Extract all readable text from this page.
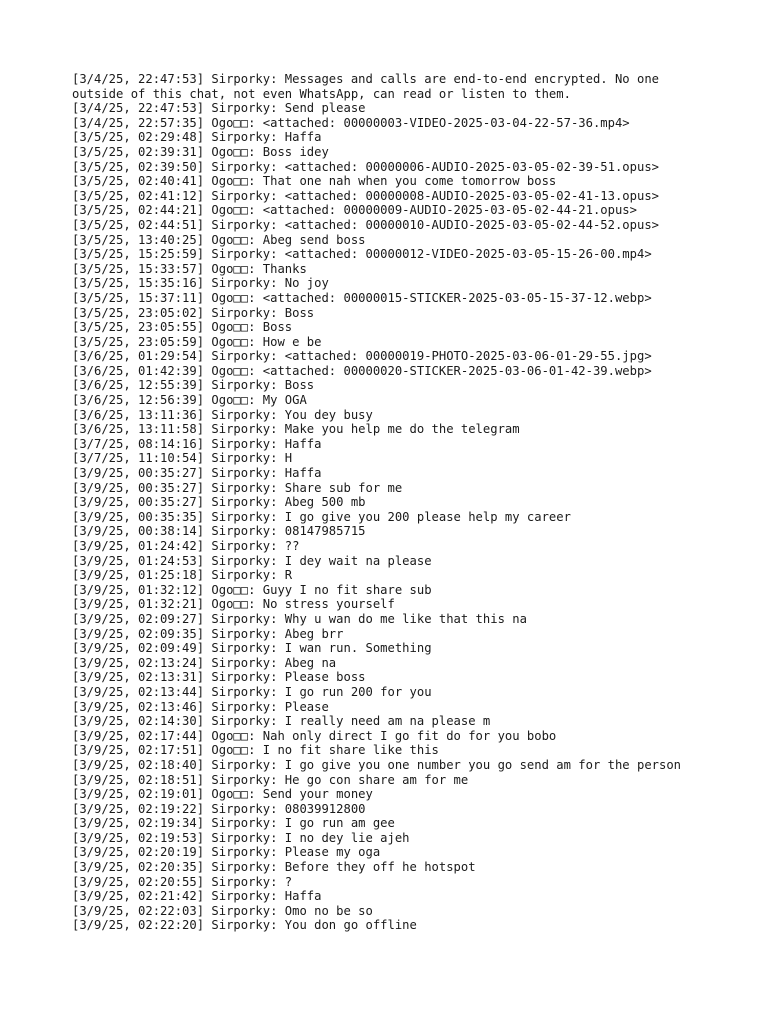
[3/4/25, 22:47:53] Sirporky: Messages and calls are end-to-end encrypted. No one outside of this chat, not even WhatsApp, can read or listen to them.
[3/4/25, 22:47:53] Sirporky: Send please
[3/4/25, 22:57:35] Ogo□□: <attached: 00000003-VIDEO-2025-03-04-22-57-36.mp4>
[3/5/25, 02:29:48] Sirporky: Haffa
[3/5/25, 02:39:31] Ogo□□: Boss idey
[3/5/25, 02:39:50] Sirporky: <attached: 00000006-AUDIO-2025-03-05-02-39-51.opus>
[3/5/25, 02:40:41] Ogo□□: That one nah when you come tomorrow boss
[3/5/25, 02:41:12] Sirporky: <attached: 00000008-AUDIO-2025-03-05-02-41-13.opus>
[3/5/25, 02:44:21] Ogo□□: <attached: 00000009-AUDIO-2025-03-05-02-44-21.opus>
[3/5/25, 02:44:51] Sirporky: <attached: 00000010-AUDIO-2025-03-05-02-44-52.opus>
[3/5/25, 13:40:25] Ogo□□: Abeg send boss
[3/5/25, 15:25:59] Sirporky: <attached: 00000012-VIDEO-2025-03-05-15-26-00.mp4>
[3/5/25, 15:33:57] Ogo□□: Thanks
[3/5/25, 15:35:16] Sirporky: No joy
[3/5/25, 15:37:11] Ogo□□: <attached: 00000015-STICKER-2025-03-05-15-37-12.webp>
[3/5/25, 23:05:02] Sirporky: Boss
[3/5/25, 23:05:55] Ogo□□: Boss
[3/5/25, 23:05:59] Ogo□□: How e be
[3/6/25, 01:29:54] Sirporky: <attached: 00000019-PHOTO-2025-03-06-01-29-55.jpg>
[3/6/25, 01:42:39] Ogo□□: <attached: 00000020-STICKER-2025-03-06-01-42-39.webp>
[3/6/25, 12:55:39] Sirporky: Boss
[3/6/25, 12:56:39] Ogo□□: My OGA
[3/6/25, 13:11:36] Sirporky: You dey busy
[3/6/25, 13:11:58] Sirporky: Make you help me do the telegram
[3/7/25, 08:14:16] Sirporky: Haffa
[3/7/25, 11:10:54] Sirporky: H
[3/9/25, 00:35:27] Sirporky: Haffa
[3/9/25, 00:35:27] Sirporky: Share sub for me
[3/9/25, 00:35:27] Sirporky: Abeg 500 mb
[3/9/25, 00:35:35] Sirporky: I go give you 200 please help my career
[3/9/25, 00:38:14] Sirporky: 08147985715
[3/9/25, 01:24:42] Sirporky: ??
[3/9/25, 01:24:53] Sirporky: I dey wait na please
[3/9/25, 01:25:18] Sirporky: R
[3/9/25, 01:32:12] Ogo□□: Guyy I no fit share sub
[3/9/25, 01:32:21] Ogo□□: No stress yourself
[3/9/25, 02:09:27] Sirporky: Why u wan do me like that this na
[3/9/25, 02:09:35] Sirporky: Abeg brr
[3/9/25, 02:09:49] Sirporky: I wan run. Something
[3/9/25, 02:13:24] Sirporky: Abeg na
[3/9/25, 02:13:31] Sirporky: Please boss
[3/9/25, 02:13:44] Sirporky: I go run 200 for you
[3/9/25, 02:13:46] Sirporky: Please
[3/9/25, 02:14:30] Sirporky: I really need am na please m
[3/9/25, 02:17:44] Ogo□□: Nah only direct I go fit do for you bobo
[3/9/25, 02:17:51] Ogo□□: I no fit share like this
[3/9/25, 02:18:40] Sirporky: I go give you one number you go send am for the person
[3/9/25, 02:18:51] Sirporky: He go con share am for me
[3/9/25, 02:19:01] Ogo□□: Send your money
[3/9/25, 02:19:22] Sirporky: 08039912800
[3/9/25, 02:19:34] Sirporky: I go run am gee
[3/9/25, 02:19:53] Sirporky: I no dey lie ajeh
[3/9/25, 02:20:19] Sirporky: Please my oga
[3/9/25, 02:20:35] Sirporky: Before they off he hotspot
[3/9/25, 02:20:55] Sirporky: ?
[3/9/25, 02:21:42] Sirporky: Haffa
[3/9/25, 02:22:03] Sirporky: Omo no be so
[3/9/25, 02:22:20] Sirporky: You don go offline
